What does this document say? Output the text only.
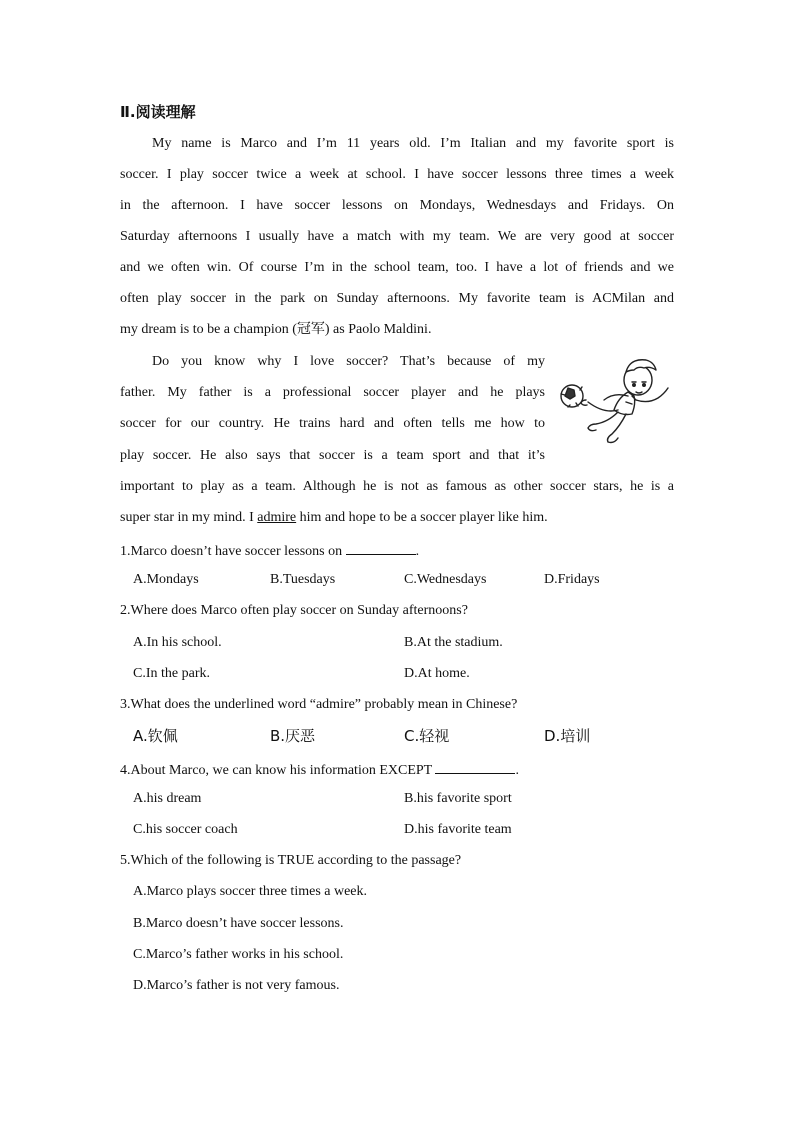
Ⅱ.阅读理解
My name is Marco and I’m 11 years old. I’m Italian and my favorite sport is
soccer. I play soccer twice a week at school. I have soccer lessons three times a week
in the afternoon. I have soccer lessons on Mondays, Wednesdays and Fridays. On
Saturday afternoons I usually have a match with my team. We are very good at soccer
and we often win. Of course I’m in the school team, too. I have a lot of friends and we
often play soccer in the park on Sunday afternoons. My favorite team is ACMilan and
my dream is to be a champion (冠军) as Paolo Maldini.
Do you know why I love soccer? That’s because of my
father. My father is a professional soccer player and he plays
soccer for our country. He trains hard and often tells me how to
play soccer. He also says that soccer is a team sport and that it’s
important to play as a team. Although he is not as famous as other soccer stars, he is a
super star in my mind. I admire him and hope to be a soccer player like him.
1.Marco doesn’t have soccer lessons on	.
A.Mondays	B.Tuesdays	C.Wednesdays	D.Fridays
2.Where does Marco often play soccer on Sunday afternoons?
A.In his school.	B.At the stadium.
C.In the park.	D.At home.
3.What does the underlined word “admire” probably mean in Chinese?
A.钦佩	B.厌恶	C.轻视	D.培训
4.About Marco, we can know his information EXCEPT	.
A.his dream	B.his favorite sport
C.his soccer coach	D.his favorite team
5.Which of the following is TRUE according to the passage?
A.Marco plays soccer three times a week.
B.Marco doesn’t have soccer lessons.
C.Marco’s father works in his school.
D.Marco’s father is not very famous.
